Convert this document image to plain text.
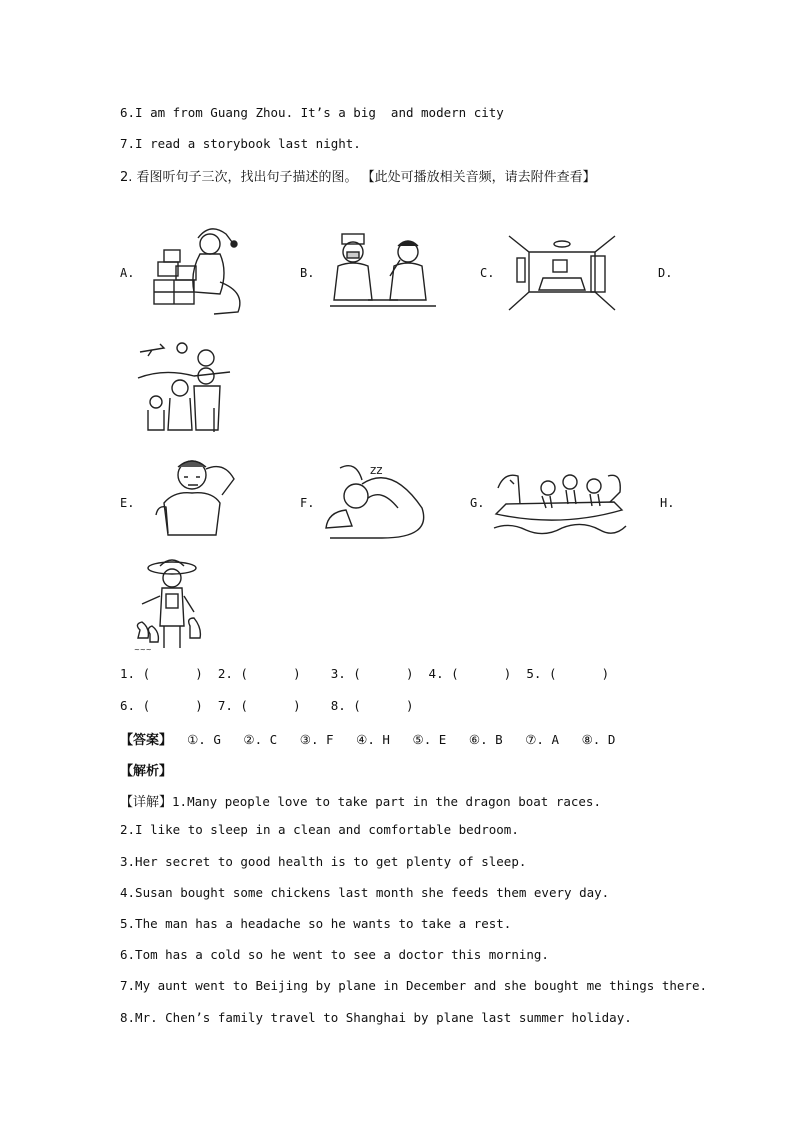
6.I am from Guang Zhou. It’s a big  and modern city
7.I read a storybook last night.
2. 看图听句子三次，找出句子描述的图。 【此处可播放相关音频，请去附件查看】
A.	B.	C.	D.
E.	F.	G.	H.
zz
~~~
1. (      )  2. (      )    3. (      )  4. (      )  5. (      )
6. (      )  7. (      )    8. (      )
【答案】  ①. G   ②. C   ③. F   ④. H   ⑤. E   ⑥. B   ⑦. A   ⑧. D
【解析】
【详解】1.Many people love to take part in the dragon boat races.
2.I like to sleep in a clean and comfortable bedroom.
3.Her secret to good health is to get plenty of sleep.
4.Susan bought some chickens last month she feeds them every day.
5.The man has a headache so he wants to take a rest.
6.Tom has a cold so he went to see a doctor this morning.
7.My aunt went to Beijing by plane in December and she bought me things there.
8.Mr. Chen’s family travel to Shanghai by plane last summer holiday.
